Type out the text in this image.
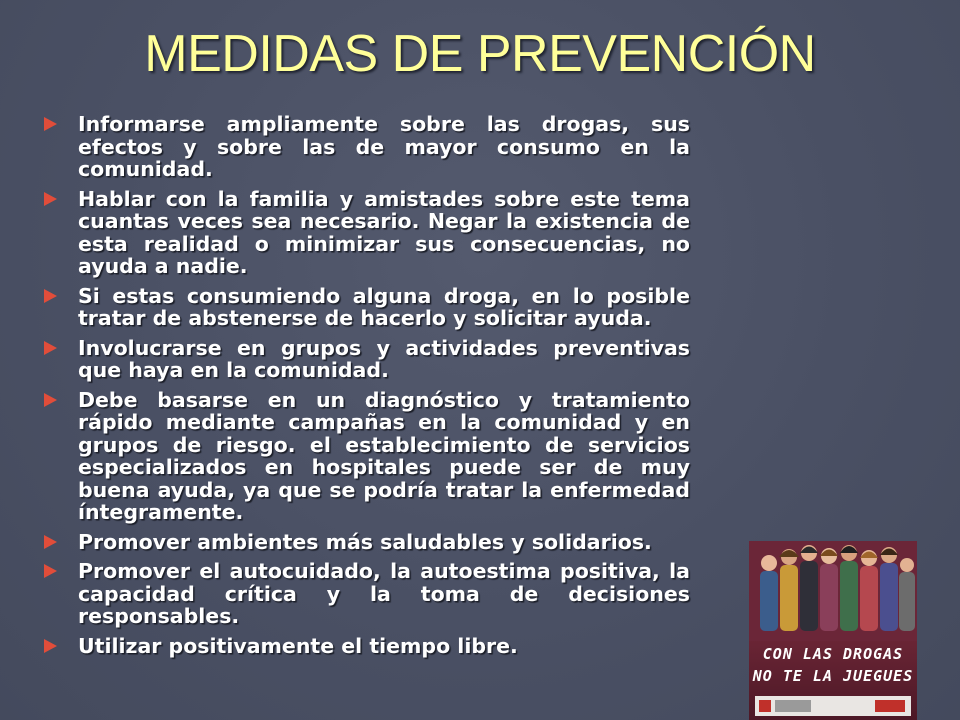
MEDIDAS DE PREVENCIÓN
Informarse ampliamente sobre las drogas, sus efectos y sobre las de mayor consumo en la comunidad.
Hablar con la familia y amistades sobre este tema cuantas veces sea necesario. Negar la existencia de esta realidad o minimizar sus consecuencias, no ayuda a nadie.
Si estas consumiendo alguna droga, en lo posible tratar de abstenerse de hacerlo y solicitar ayuda.
Involucrarse en grupos y actividades preventivas que haya en la comunidad.
Debe basarse en un diagnóstico y tratamiento rápido mediante campañas en la comunidad y en grupos de riesgo. el establecimiento de servicios especializados en hospitales puede ser de muy buena ayuda, ya que se podría tratar la enfermedad íntegramente.
Promover ambientes más saludables y solidarios.
Promover el autocuidado, la autoestima positiva, la capacidad crítica y la toma de decisiones responsables.
Utilizar positivamente el tiempo libre.	CON LAS DROGAS
NO TE LA JUEGUES
